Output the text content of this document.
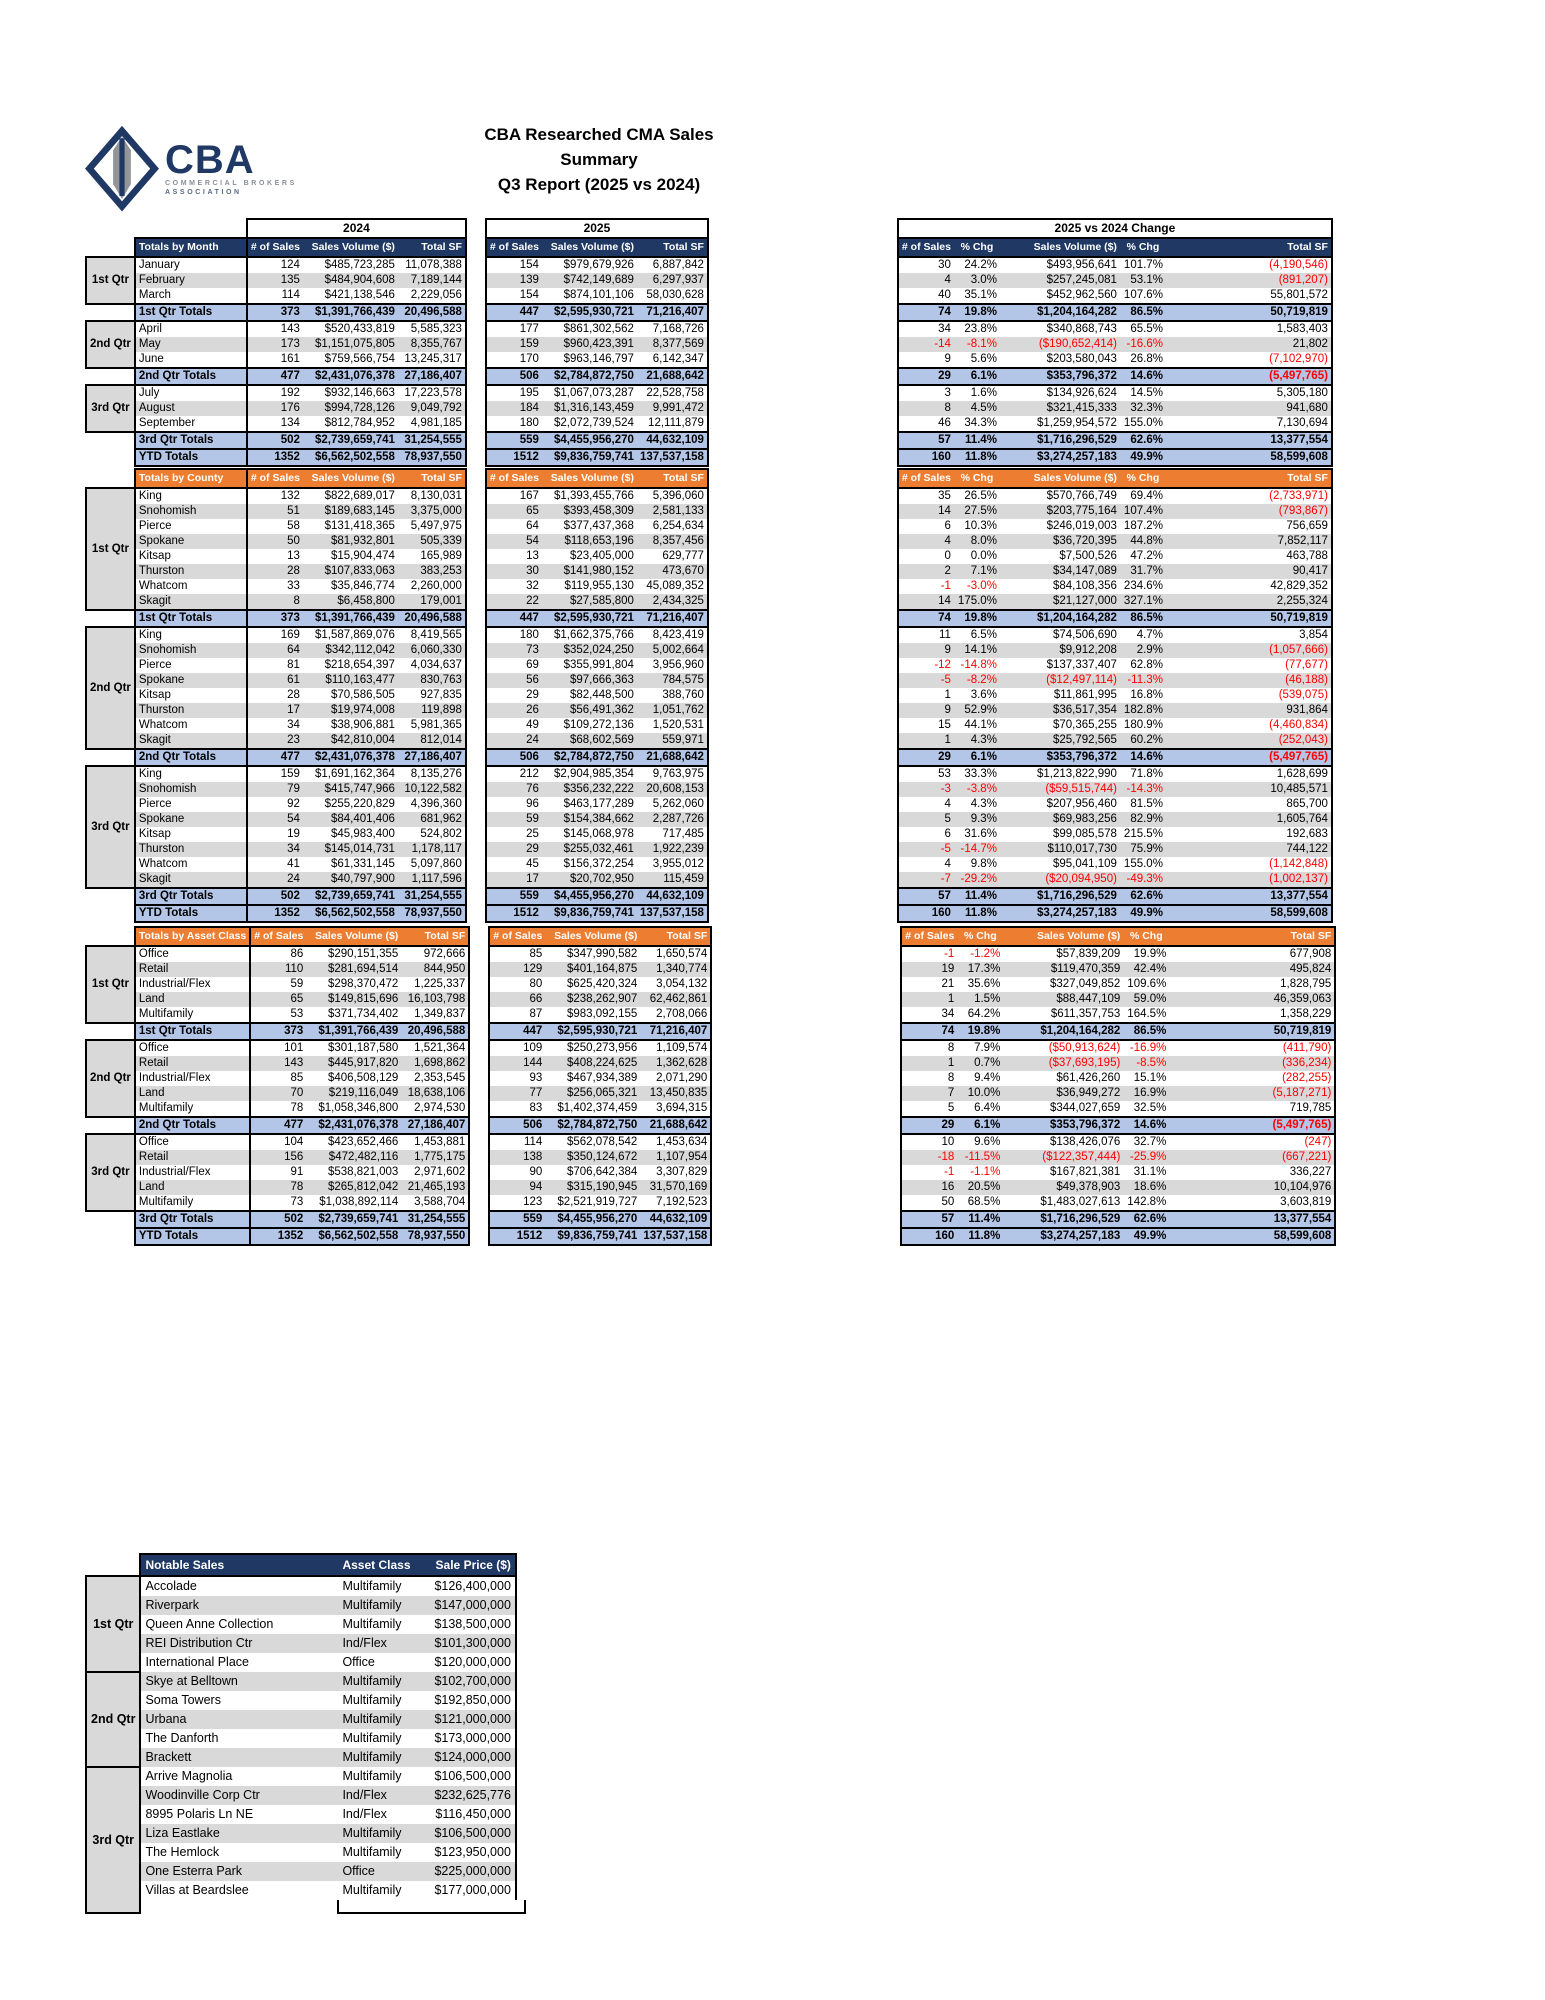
CBA
COMMERCIAL BROKERS
ASSOCIATION
CBA Researched CMA Sales
Summary
Q3 Report (2025 vs 2024)
		2024				2025				2025 vs 2024 Change				
	Totals by Month	# of Sales	Sales Volume ($)	Total SF		# of Sales	Sales Volume ($)	Total SF		# of Sales	% Chg	Sales Volume ($)	% Chg	Total SF
1st Qtr	January	124	$485,723,285	11,078,388		154	$979,679,926	6,887,842		30	24.2%	$493,956,641	101.7%	(4,190,546)
	February	135	$484,904,608	7,189,144		139	$742,149,689	6,297,937		4	3.0%	$257,245,081	53.1%	(891,207)
	March	114	$421,138,546	2,229,056		154	$874,101,106	58,030,628		40	35.1%	$452,962,560	107.6%	55,801,572
	1st Qtr Totals	373	$1,391,766,439	20,496,588		447	$2,595,930,721	71,216,407		74	19.8%	$1,204,164,282	86.5%	50,719,819
2nd Qtr	April	143	$520,433,819	5,585,323		177	$861,302,562	7,168,726		34	23.8%	$340,868,743	65.5%	1,583,403
	May	173	$1,151,075,805	8,355,767		159	$960,423,391	8,377,569		-14	-8.1%	($190,652,414)	-16.6%	21,802
	June	161	$759,566,754	13,245,317		170	$963,146,797	6,142,347		9	5.6%	$203,580,043	26.8%	(7,102,970)
	2nd Qtr Totals	477	$2,431,076,378	27,186,407		506	$2,784,872,750	21,688,642		29	6.1%	$353,796,372	14.6%	(5,497,765)
3rd Qtr	July	192	$932,146,663	17,223,578		195	$1,067,073,287	22,528,758		3	1.6%	$134,926,624	14.5%	5,305,180
	August	176	$994,728,126	9,049,792		184	$1,316,143,459	9,991,472		8	4.5%	$321,415,333	32.3%	941,680
	September	134	$812,784,952	4,981,185		180	$2,072,739,524	12,111,879		46	34.3%	$1,259,954,572	155.0%	7,130,694
	3rd Qtr Totals	502	$2,739,659,741	31,254,555		559	$4,455,956,270	44,632,109		57	11.4%	$1,716,296,529	62.6%	13,377,554
	YTD Totals	1352	$6,562,502,558	78,937,550		1512	$9,836,759,741	137,537,158		160	11.8%	$3,274,257,183	49.9%	58,599,608
	Totals by County	# of Sales	Sales Volume ($)	Total SF		# of Sales	Sales Volume ($)	Total SF		# of Sales	% Chg	Sales Volume ($)	% Chg	Total SF
1st Qtr	King	132	$822,689,017	8,130,031		167	$1,393,455,766	5,396,060		35	26.5%	$570,766,749	69.4%	(2,733,971)
	Snohomish	51	$189,683,145	3,375,000		65	$393,458,309	2,581,133		14	27.5%	$203,775,164	107.4%	(793,867)
	Pierce	58	$131,418,365	5,497,975		64	$377,437,368	6,254,634		6	10.3%	$246,019,003	187.2%	756,659
	Spokane	50	$81,932,801	505,339		54	$118,653,196	8,357,456		4	8.0%	$36,720,395	44.8%	7,852,117
	Kitsap	13	$15,904,474	165,989		13	$23,405,000	629,777		0	0.0%	$7,500,526	47.2%	463,788
	Thurston	28	$107,833,063	383,253		30	$141,980,152	473,670		2	7.1%	$34,147,089	31.7%	90,417
	Whatcom	33	$35,846,774	2,260,000		32	$119,955,130	45,089,352		-1	-3.0%	$84,108,356	234.6%	42,829,352
	Skagit	8	$6,458,800	179,001		22	$27,585,800	2,434,325		14	175.0%	$21,127,000	327.1%	2,255,324
	1st Qtr Totals	373	$1,391,766,439	20,496,588		447	$2,595,930,721	71,216,407		74	19.8%	$1,204,164,282	86.5%	50,719,819
2nd Qtr	King	169	$1,587,869,076	8,419,565		180	$1,662,375,766	8,423,419		11	6.5%	$74,506,690	4.7%	3,854
	Snohomish	64	$342,112,042	6,060,330		73	$352,024,250	5,002,664		9	14.1%	$9,912,208	2.9%	(1,057,666)
	Pierce	81	$218,654,397	4,034,637		69	$355,991,804	3,956,960		-12	-14.8%	$137,337,407	62.8%	(77,677)
	Spokane	61	$110,163,477	830,763		56	$97,666,363	784,575		-5	-8.2%	($12,497,114)	-11.3%	(46,188)
	Kitsap	28	$70,586,505	927,835		29	$82,448,500	388,760		1	3.6%	$11,861,995	16.8%	(539,075)
	Thurston	17	$19,974,008	119,898		26	$56,491,362	1,051,762		9	52.9%	$36,517,354	182.8%	931,864
	Whatcom	34	$38,906,881	5,981,365		49	$109,272,136	1,520,531		15	44.1%	$70,365,255	180.9%	(4,460,834)
	Skagit	23	$42,810,004	812,014		24	$68,602,569	559,971		1	4.3%	$25,792,565	60.2%	(252,043)
	2nd Qtr Totals	477	$2,431,076,378	27,186,407		506	$2,784,872,750	21,688,642		29	6.1%	$353,796,372	14.6%	(5,497,765)
3rd Qtr	King	159	$1,691,162,364	8,135,276		212	$2,904,985,354	9,763,975		53	33.3%	$1,213,822,990	71.8%	1,628,699
	Snohomish	79	$415,747,966	10,122,582		76	$356,232,222	20,608,153		-3	-3.8%	($59,515,744)	-14.3%	10,485,571
	Pierce	92	$255,220,829	4,396,360		96	$463,177,289	5,262,060		4	4.3%	$207,956,460	81.5%	865,700
	Spokane	54	$84,401,406	681,962		59	$154,384,662	2,287,726		5	9.3%	$69,983,256	82.9%	1,605,764
	Kitsap	19	$45,983,400	524,802		25	$145,068,978	717,485		6	31.6%	$99,085,578	215.5%	192,683
	Thurston	34	$145,014,731	1,178,117		29	$255,032,461	1,922,239		-5	-14.7%	$110,017,730	75.9%	744,122
	Whatcom	41	$61,331,145	5,097,860		45	$156,372,254	3,955,012		4	9.8%	$95,041,109	155.0%	(1,142,848)
	Skagit	24	$40,797,900	1,117,596		17	$20,702,950	115,459		-7	-29.2%	($20,094,950)	-49.3%	(1,002,137)
	3rd Qtr Totals	502	$2,739,659,741	31,254,555		559	$4,455,956,270	44,632,109		57	11.4%	$1,716,296,529	62.6%	13,377,554
	YTD Totals	1352	$6,562,502,558	78,937,550		1512	$9,836,759,741	137,537,158		160	11.8%	$3,274,257,183	49.9%	58,599,608
	Totals by Asset Class	# of Sales	Sales Volume ($)	Total SF		# of Sales	Sales Volume ($)	Total SF		# of Sales	% Chg	Sales Volume ($)	% Chg	Total SF
1st Qtr	Office	86	$290,151,355	972,666		85	$347,990,582	1,650,574		-1	-1.2%	$57,839,209	19.9%	677,908
	Retail	110	$281,694,514	844,950		129	$401,164,875	1,340,774		19	17.3%	$119,470,359	42.4%	495,824
	Industrial/Flex	59	$298,370,472	1,225,337		80	$625,420,324	3,054,132		21	35.6%	$327,049,852	109.6%	1,828,795
	Land	65	$149,815,696	16,103,798		66	$238,262,907	62,462,861		1	1.5%	$88,447,109	59.0%	46,359,063
	Multifamily	53	$371,734,402	1,349,837		87	$983,092,155	2,708,066		34	64.2%	$611,357,753	164.5%	1,358,229
	1st Qtr Totals	373	$1,391,766,439	20,496,588		447	$2,595,930,721	71,216,407		74	19.8%	$1,204,164,282	86.5%	50,719,819
2nd Qtr	Office	101	$301,187,580	1,521,364		109	$250,273,956	1,109,574		8	7.9%	($50,913,624)	-16.9%	(411,790)
	Retail	143	$445,917,820	1,698,862		144	$408,224,625	1,362,628		1	0.7%	($37,693,195)	-8.5%	(336,234)
	Industrial/Flex	85	$406,508,129	2,353,545		93	$467,934,389	2,071,290		8	9.4%	$61,426,260	15.1%	(282,255)
	Land	70	$219,116,049	18,638,106		77	$256,065,321	13,450,835		7	10.0%	$36,949,272	16.9%	(5,187,271)
	Multifamily	78	$1,058,346,800	2,974,530		83	$1,402,374,459	3,694,315		5	6.4%	$344,027,659	32.5%	719,785
	2nd Qtr Totals	477	$2,431,076,378	27,186,407		506	$2,784,872,750	21,688,642		29	6.1%	$353,796,372	14.6%	(5,497,765)
3rd Qtr	Office	104	$423,652,466	1,453,881		114	$562,078,542	1,453,634		10	9.6%	$138,426,076	32.7%	(247)
	Retail	156	$472,482,116	1,775,175		138	$350,124,672	1,107,954		-18	-11.5%	($122,357,444)	-25.9%	(667,221)
	Industrial/Flex	91	$538,821,003	2,971,602		90	$706,642,384	3,307,829		-1	-1.1%	$167,821,381	31.1%	336,227
	Land	78	$265,812,042	21,465,193		94	$315,190,945	31,570,169		16	20.5%	$49,378,903	18.6%	10,104,976
	Multifamily	73	$1,038,892,114	3,588,704		123	$2,521,919,727	7,192,523		50	68.5%	$1,483,027,613	142.8%	3,603,819
	3rd Qtr Totals	502	$2,739,659,741	31,254,555		559	$4,455,956,270	44,632,109		57	11.4%	$1,716,296,529	62.6%	13,377,554
	YTD Totals	1352	$6,562,502,558	78,937,550		1512	$9,836,759,741	137,537,158		160	11.8%	$3,274,257,183	49.9%	58,599,608
	Notable Sales	Asset Class	Sale Price ($)	
1st Qtr	Accolade	Multifamily	$126,400,000	
	Riverpark	Multifamily	$147,000,000	
	Queen Anne Collection	Multifamily	$138,500,000	
	REI Distribution Ctr	Ind/Flex	$101,300,000	
	International Place	Office	$120,000,000	
2nd Qtr	Skye at Belltown	Multifamily	$102,700,000	
	Soma Towers	Multifamily	$192,850,000	
	Urbana	Multifamily	$121,000,000	
	The Danforth	Multifamily	$173,000,000	
	Brackett	Multifamily	$124,000,000	
3rd Qtr	Arrive Magnolia	Multifamily	$106,500,000	
	Woodinville Corp Ctr	Ind/Flex	$232,625,776	
	8995 Polaris Ln NE	Ind/Flex	$116,450,000	
	Liza Eastlake	Multifamily	$106,500,000	
	The Hemlock	Multifamily	$123,950,000	
	One Esterra Park	Office	$225,000,000	
	Villas at Beardslee	Multifamily	$177,000,000	
